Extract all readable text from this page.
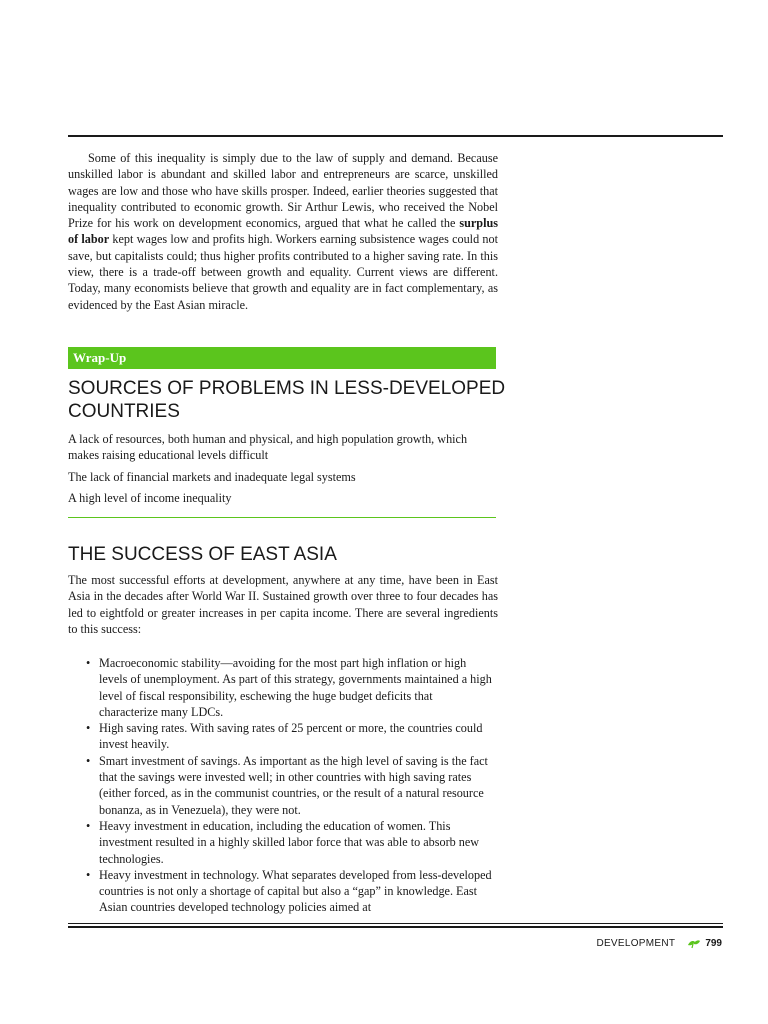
Some of this inequality is simply due to the law of supply and demand. Because unskilled labor is abundant and skilled labor and entrepreneurs are scarce, unskilled wages are low and those who have skills prosper. Indeed, earlier theories suggested that inequality contributed to economic growth. Sir Arthur Lewis, who received the Nobel Prize for his work on development economics, argued that what he called the surplus of labor kept wages low and profits high. Workers earning subsistence wages could not save, but capitalists could; thus higher profits contributed to a higher saving rate. In this view, there is a trade-off between growth and equality. Current views are different. Today, many economists believe that growth and equality are in fact complementary, as evidenced by the East Asian miracle.

Wrap-Up
SOURCES OF PROBLEMS IN LESS-DEVELOPED COUNTRIES
A lack of resources, both human and physical, and high population growth, which makes raising educational levels difficult
The lack of financial markets and inadequate legal systems
A high level of income inequality
THE SUCCESS OF EAST ASIA

The most successful efforts at development, anywhere at any time, have been in East Asia in the decades after World War II. Sustained growth over three to four decades has led to eightfold or greater increases in per capita income. There are several ingredients to this success:

• Macroeconomic stability—avoiding for the most part high inflation or high levels of unemployment. As part of this strategy, governments maintained a high level of fiscal responsibility, eschewing the huge budget deficits that characterize many LDCs.
• High saving rates. With saving rates of 25 percent or more, the countries could invest heavily.
• Smart investment of savings. As important as the high level of saving is the fact that the savings were invested well; in other countries with high saving rates (either forced, as in the communist countries, or the result of a natural resource bonanza, as in Venezuela), they were not.
• Heavy investment in education, including the education of women. This investment resulted in a highly skilled labor force that was able to absorb new technologies.
• Heavy investment in technology. What separates developed from less-developed countries is not only a shortage of capital but also a “gap” in knowledge. East Asian countries developed technology policies aimed at
DEVELOPMENT	799
